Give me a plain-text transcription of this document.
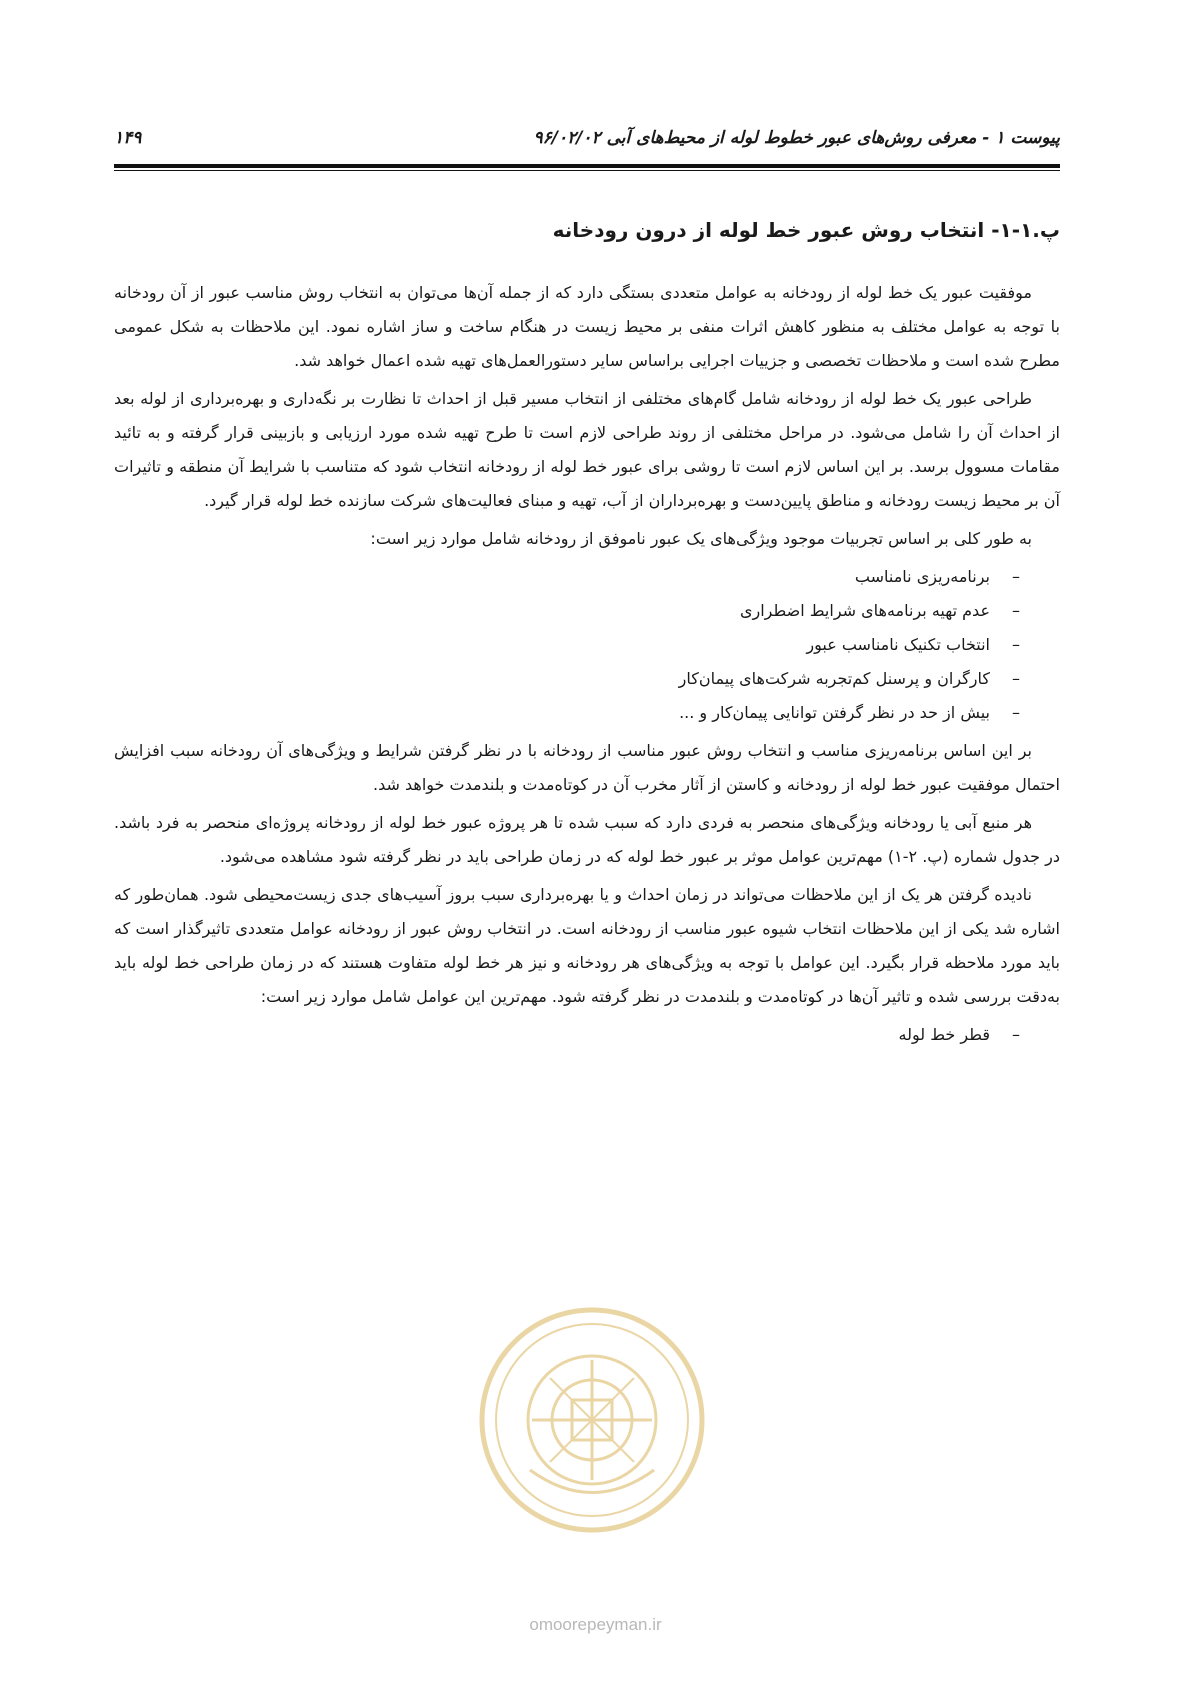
پیوست ۱ - معرفی روش‌های عبور خطوط لوله از محیط‌های آبی ۹۶/۰۲/۰۲
۱۴۹
پ.۱-۱- انتخاب روش عبور خط لوله از درون رودخانه

موفقیت عبور یک خط لوله از رودخانه به عوامل متعددی بستگی دارد که از جمله آن‌ها می‌توان به انتخاب روش مناسب عبور از آن رودخانه با توجه به عوامل مختلف به منظور کاهش اثرات منفی بر محیط زیست در هنگام ساخت و ساز اشاره نمود. این ملاحظات به شکل عمومی مطرح شده است و ملاحظات تخصصی و جزییات اجرایی براساس سایر دستورالعمل‌های تهیه شده اعمال خواهد شد.

طراحی عبور یک خط لوله از رودخانه شامل گام‌های مختلفی از انتخاب مسیر قبل از احداث تا نظارت بر نگه‌داری و بهره‌برداری از لوله بعد از احداث آن را شامل می‌شود. در مراحل مختلفی از روند طراحی لازم است تا طرح تهیه شده مورد ارزیابی و بازبینی قرار گرفته و به تائید مقامات مسوول برسد. بر این اساس لازم است تا روشی برای عبور خط لوله از رودخانه انتخاب شود که متناسب با شرایط آن منطقه و تاثیرات آن بر محیط زیست رودخانه و مناطق پایین‌دست و بهره‌برداران از آب، تهیه و مبنای فعالیت‌های شرکت سازنده خط لوله قرار گیرد.

به طور کلی بر اساس تجربیات موجود ویژگی‌های یک عبور ناموفق از رودخانه شامل موارد زیر است:

–برنامه‌ریزی نامناسب
–عدم تهیه برنامه‌های شرایط اضطراری
–انتخاب تکنیک نامناسب عبور
–کارگران و پرسنل کم‌تجربه شرکت‌های پیمان‌کار
–بیش از حد در نظر گرفتن توانایی پیمان‌کار و ...

بر این اساس برنامه‌ریزی مناسب و انتخاب روش عبور مناسب از رودخانه با در نظر گرفتن شرایط و ویژگی‌های آن رودخانه سبب افزایش احتمال موفقیت عبور خط لوله از رودخانه و کاستن از آثار مخرب آن در کوتاه‌مدت و بلندمدت خواهد شد.

هر منبع آبی یا رودخانه ویژگی‌های منحصر به فردی دارد که سبب شده تا هر پروژه عبور خط لوله از رودخانه پروژه‌ای منحصر به فرد باشد. در جدول شماره (پ. ۲-۱) مهم‌ترین عوامل موثر بر عبور خط لوله که در زمان طراحی باید در نظر گرفته شود مشاهده می‌شود.

نادیده گرفتن هر یک از این ملاحظات می‌تواند در زمان احداث و یا بهره‌برداری سبب بروز آسیب‌های جدی زیست‌محیطی شود. همان‌طور که اشاره شد یکی از این ملاحظات انتخاب شیوه عبور مناسب از رودخانه است. در انتخاب روش عبور از رودخانه عوامل متعددی تاثیرگذار است که باید مورد ملاحظه قرار بگیرد. این عوامل با توجه به ویژگی‌های هر رودخانه و نیز هر خط لوله متفاوت هستند که در زمان طراحی خط لوله باید به‌دقت بررسی شده و تاثیر آن‌ها در کوتاه‌مدت و بلندمدت در نظر گرفته شود. مهم‌ترین این عوامل شامل موارد زیر است:

–قطر خط لوله
omoorepeyman.ir
